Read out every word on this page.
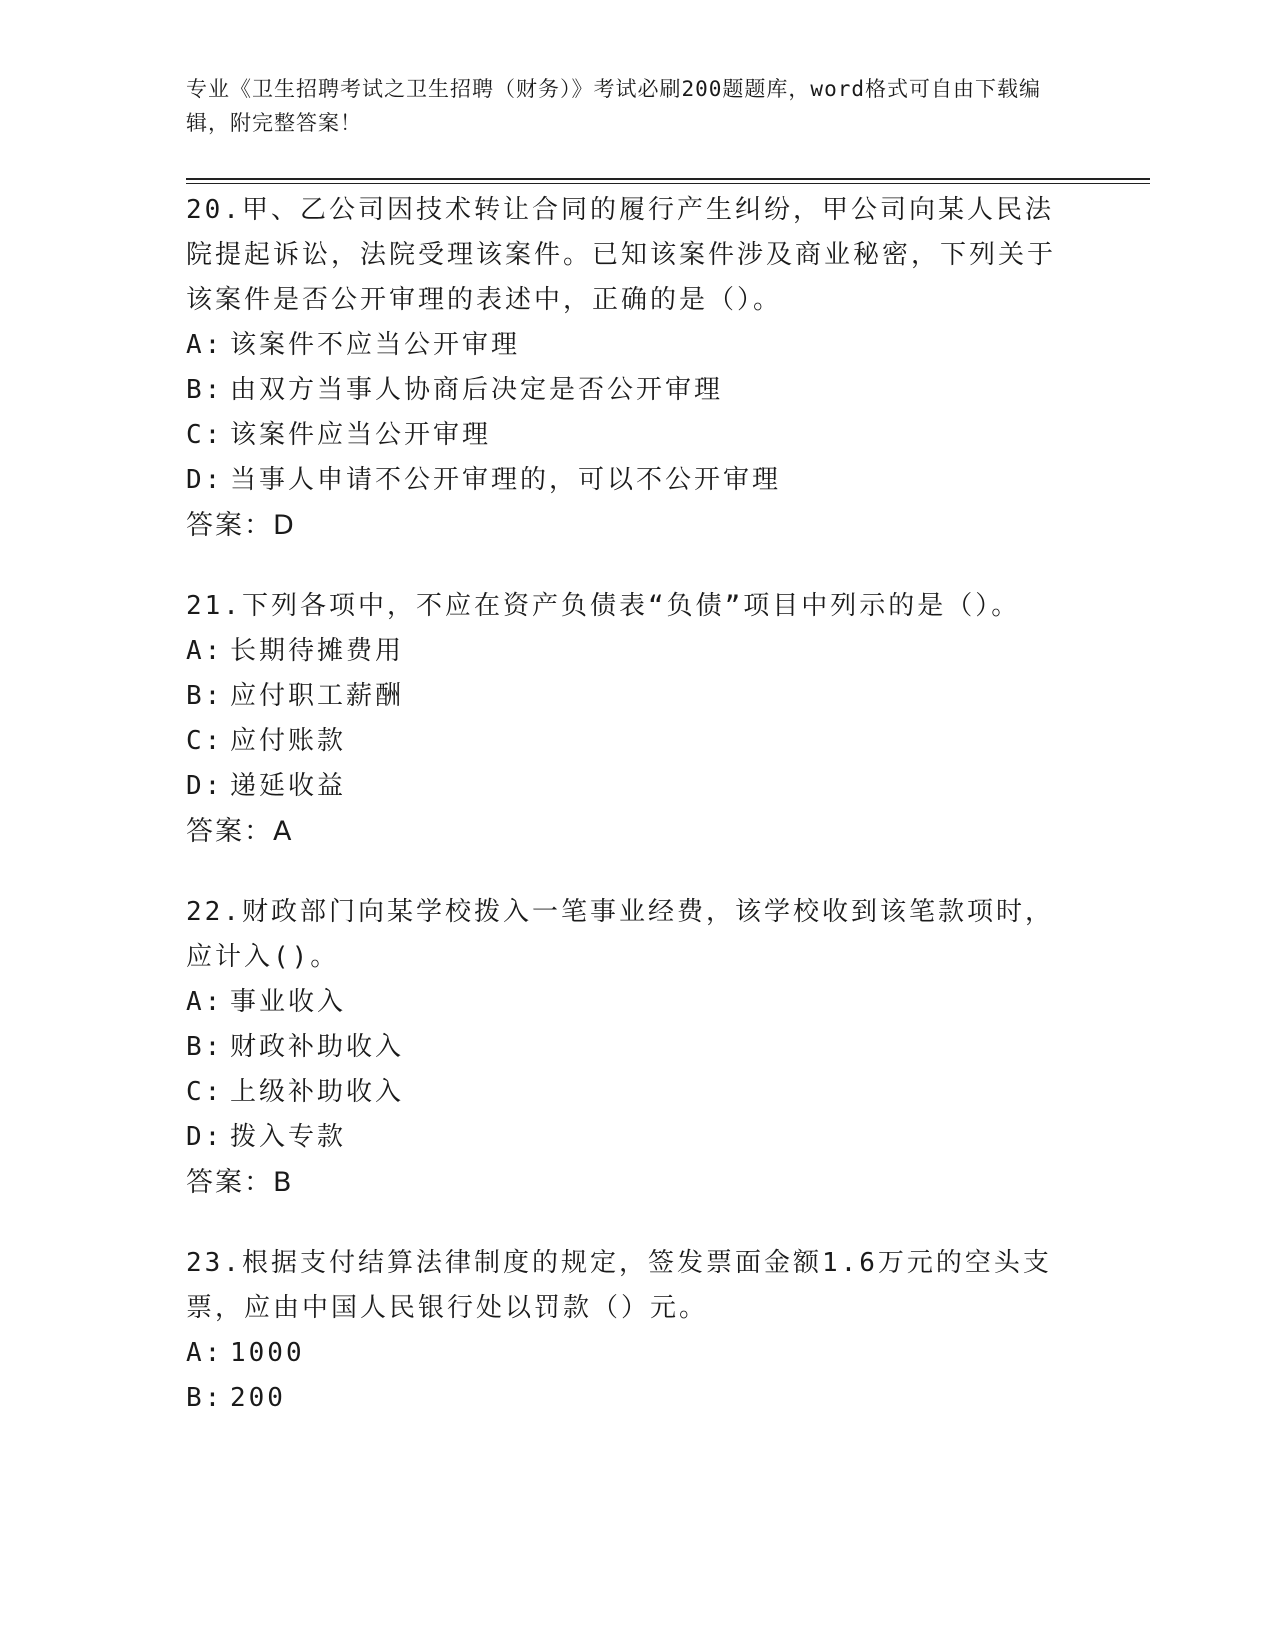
专业《卫生招聘考试之卫生招聘（财务）》考试必刷200题题库，word格式可自由下载编辑，附完整答案！
20.甲、乙公司因技术转让合同的履行产生纠纷，甲公司向某人民法院提起诉讼，法院受理该案件。已知该案件涉及商业秘密，下列关于该案件是否公开审理的表述中，正确的是（）。
A: 该案件不应当公开审理
B: 由双方当事人协商后决定是否公开审理
C: 该案件应当公开审理
D: 当事人申请不公开审理的，可以不公开审理
答案：D
21.下列各项中，不应在资产负债表“负债”项目中列示的是（）。
A: 长期待摊费用
B: 应付职工薪酬
C: 应付账款
D: 递延收益
答案：A
22.财政部门向某学校拨入一笔事业经费，该学校收到该笔款项时，应计入()。
A: 事业收入
B: 财政补助收入
C: 上级补助收入
D: 拨入专款
答案：B
23.根据支付结算法律制度的规定，签发票面金额1.6万元的空头支票，应由中国人民银行处以罚款（）元。
A: 1000
B: 200
